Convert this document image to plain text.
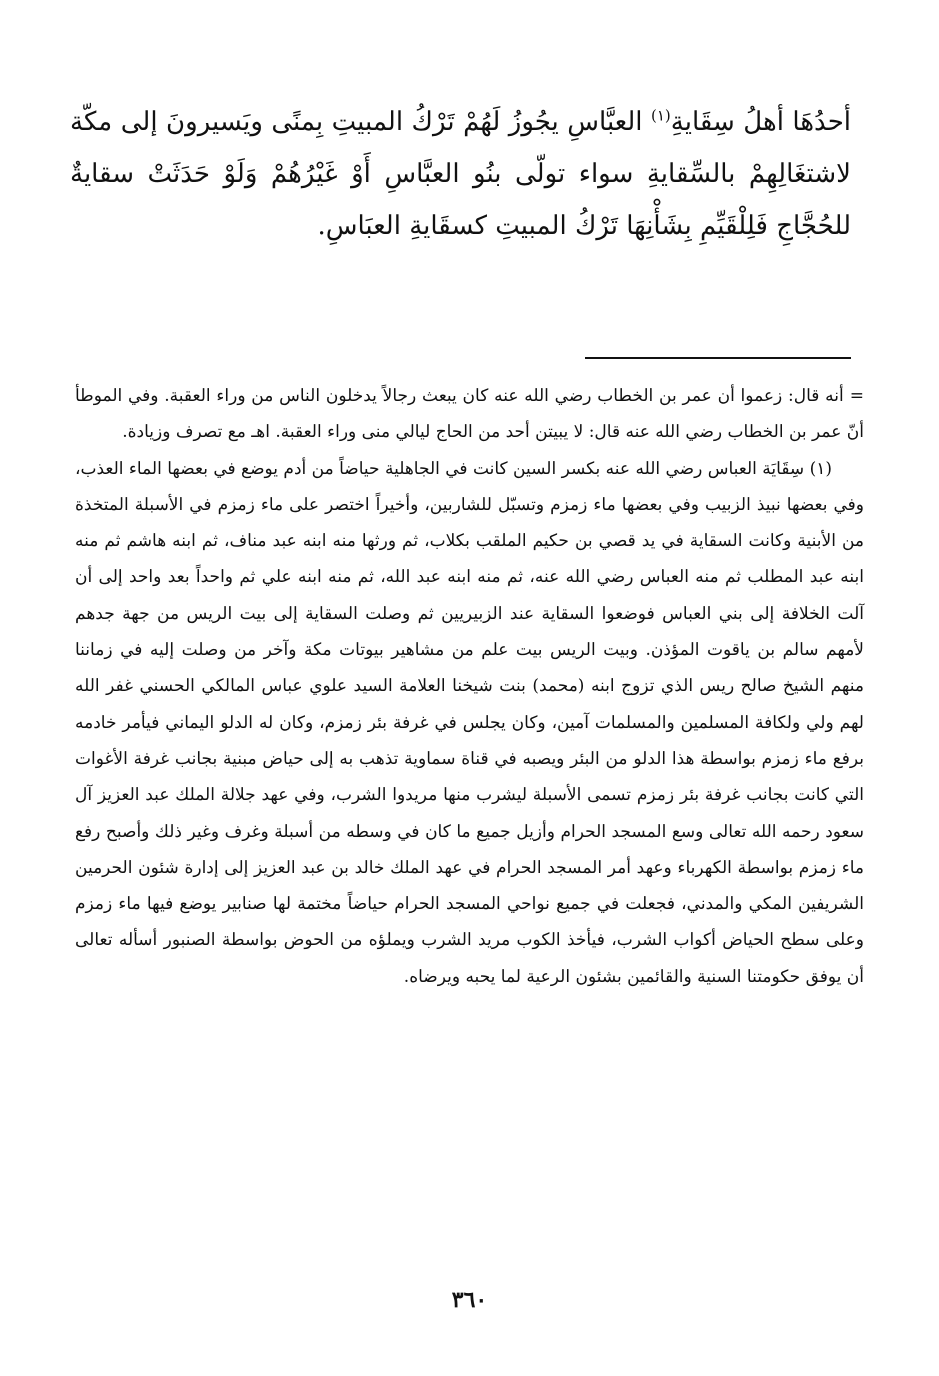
أحدُهَا أهلُ سِقَايةِ$^{(١)}$ العبَّاسِ يجُوزُ لَهُمْ تَرْكُ المبيتِ بِمنًى ويَسيرونَ إلى مكّة لاشتغَالِهِمْ بالسِّقايةِ سواء تولّى بنُو العبَّاسِ أَوْ غَيْرُهُمْ وَلَوْ حَدَثَتْ سقايةٌ للحُجَّاجِ فَلِلْقَيِّمِ بِشَأْنِهَا تَرْكُ المبيتِ كسقَايةِ العبَاسِ.

=أنه قال: زعموا أن عمر بن الخطاب رضي الله عنه كان يبعث رجالاً يدخلون الناس من وراء العقبة. وفي الموطأ أنّ عمر بن الخطاب رضي الله عنه قال: لا يبيتن أحد من الحاج ليالي منى وراء العقبة. اهـ مع تصرف وزيادة.

(١) سِقَايَة العباس رضي الله عنه بكسر السين كانت في الجاهلية حياضاً من أدم يوضع في بعضها الماء العذب، وفي بعضها نبيذ الزبيب وفي بعضها ماء زمزم وتسبّل للشاربين، وأخيراً اختصر على ماء زمزم في الأسبلة المتخذة من الأبنية وكانت السقاية في يد قصي بن حكيم الملقب بكلاب، ثم ورثها منه ابنه عبد مناف، ثم ابنه هاشم ثم منه ابنه عبد المطلب ثم منه العباس رضي الله عنه، ثم منه ابنه عبد الله، ثم منه ابنه علي ثم واحداً بعد واحد إلى أن آلت الخلافة إلى بني العباس فوضعوا السقاية عند الزبيريين ثم وصلت السقاية إلى بيت الريس من جهة جدهم لأمهم سالم بن ياقوت المؤذن. وبيت الريس بيت علم من مشاهير بيوتات مكة وآخر من وصلت إليه في زماننا منهم الشيخ صالح ريس الذي تزوج ابنه (محمد) بنت شيخنا العلامة السيد علوي عباس المالكي الحسني غفر الله لهم ولي ولكافة المسلمين والمسلمات آمين، وكان يجلس في غرفة بئر زمزم، وكان له الدلو اليماني فيأمر خادمه برفع ماء زمزم بواسطة هذا الدلو من البئر ويصبه في قناة سماوية تذهب به إلى حياض مبنية بجانب غرفة الأغوات التي كانت بجانب غرفة بئر زمزم تسمى الأسبلة ليشرب منها مريدوا الشرب، وفي عهد جلالة الملك عبد العزيز آل سعود رحمه الله تعالى وسع المسجد الحرام وأزيل جميع ما كان في وسطه من أسبلة وغرف وغير ذلك وأصبح رفع ماء زمزم بواسطة الكهرباء وعهد أمر المسجد الحرام في عهد الملك خالد بن عبد العزيز إلى إدارة شئون الحرمين الشريفين المكي والمدني، فجعلت في جميع نواحي المسجد الحرام حياضاً مختمة لها صنابير يوضع فيها ماء زمزم وعلى سطح الحياض أكواب الشرب، فيأخذ الكوب مريد الشرب ويملؤه من الحوض بواسطة الصنبور أسأله تعالى أن يوفق حكومتنا السنية والقائمين بشئون الرعية لما يحبه ويرضاه.

٣٦٠
